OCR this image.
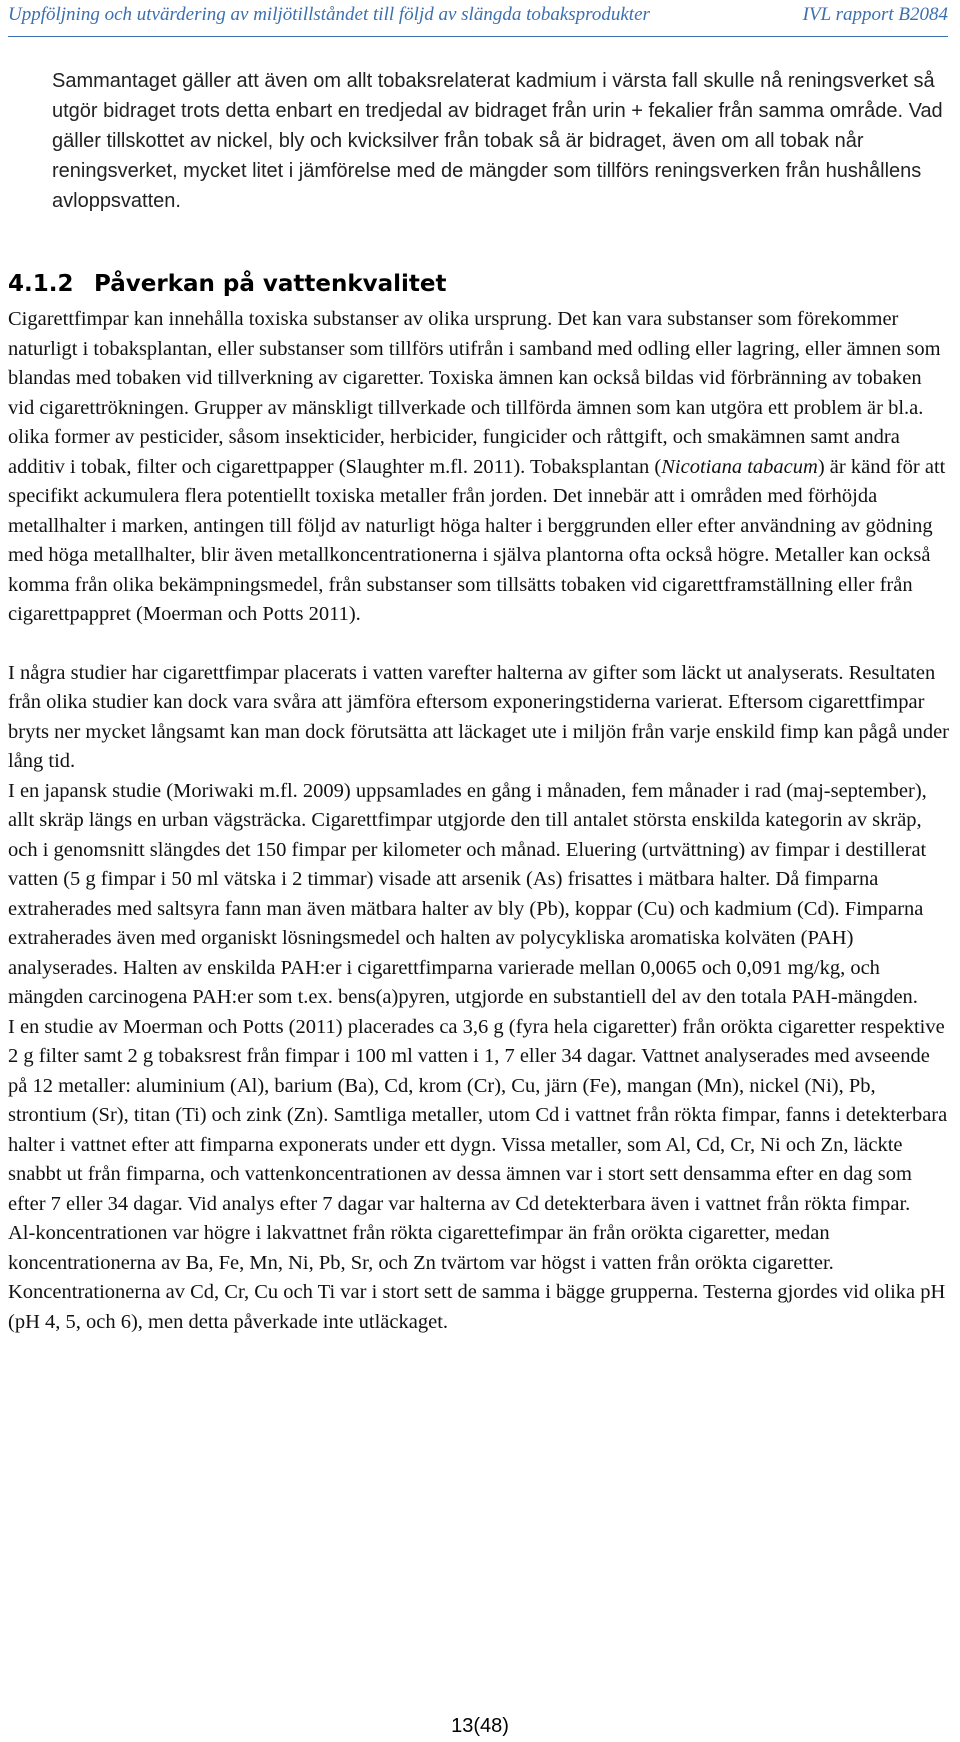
Uppföljning och utvärdering av miljötillståndet till följd av slängda tobaksprodukter	IVL rapport B2084

Sammantaget gäller att även om allt tobaksrelaterat kadmium i värsta fall skulle nå reningsverket så utgör bidraget trots detta enbart en tredjedal av bidraget från urin + fekalier från samma område. Vad gäller tillskottet av nickel, bly och kvicksilver från tobak så är bidraget, även om all tobak når reningsverket, mycket litet i jämförelse med de mängder som tillförs reningsverken från hushållens avloppsvatten.

4.1.2 Påverkan på vattenkvalitet

Cigarettfimpar kan innehålla toxiska substanser av olika ursprung. Det kan vara substanser som förekommer naturligt i tobaksplantan, eller substanser som tillförs utifrån i samband med odling eller lagring, eller ämnen som blandas med tobaken vid tillverkning av cigaretter. Toxiska ämnen kan också bildas vid förbränning av tobaken vid cigarettrökningen. Grupper av mänskligt tillverkade och tillförda ämnen som kan utgöra ett problem är bl.a. olika former av pesticider, såsom insekticider, herbicider, fungicider och råttgift, och smakämnen samt andra additiv i tobak, filter och cigarettpapper (Slaughter m.fl. 2011). Tobaksplantan (Nicotiana tabacum) är känd för att specifikt ackumulera flera potentiellt toxiska metaller från jorden. Det innebär att i områden med förhöjda metallhalter i marken, antingen till följd av naturligt höga halter i berggrunden eller efter användning av gödning med höga metallhalter, blir även metallkoncentrationerna i själva plantorna ofta också högre. Metaller kan också komma från olika bekämpningsmedel, från substanser som tillsätts tobaken vid cigarettframställning eller från cigarettpappret (Moerman och Potts 2011).

I några studier har cigarettfimpar placerats i vatten varefter halterna av gifter som läckt ut analyserats. Resultaten från olika studier kan dock vara svåra att jämföra eftersom exponeringstiderna varierat. Eftersom cigarettfimpar bryts ner mycket långsamt kan man dock förutsätta att läckaget ute i miljön från varje enskild fimp kan pågå under lång tid.

I en japansk studie (Moriwaki m.fl. 2009) uppsamlades en gång i månaden, fem månader i rad (maj-september), allt skräp längs en urban vägsträcka. Cigarettfimpar utgjorde den till antalet största enskilda kategorin av skräp, och i genomsnitt slängdes det 150 fimpar per kilometer och månad. Eluering (urtvättning) av fimpar i destillerat vatten (5 g fimpar i 50 ml vätska i 2 timmar) visade att arsenik (As) frisattes i mätbara halter. Då fimparna extraherades med saltsyra fann man även mätbara halter av bly (Pb), koppar (Cu) och kadmium (Cd). Fimparna extraherades även med organiskt lösningsmedel och halten av polycykliska aromatiska kolväten (PAH) analyserades. Halten av enskilda PAH:er i cigarettfimparna varierade mellan 0,0065 och 0,091 mg/kg, och mängden carcinogena PAH:er som t.ex. bens(a)pyren, utgjorde en substantiell del av den totala PAH-mängden.

I en studie av Moerman och Potts (2011) placerades ca 3,6 g (fyra hela cigaretter) från orökta cigaretter respektive 2 g filter samt 2 g tobaksrest från fimpar i 100 ml vatten i 1, 7 eller 34 dagar. Vattnet analyserades med avseende på 12 metaller: aluminium (Al), barium (Ba), Cd, krom (Cr), Cu, järn (Fe), mangan (Mn), nickel (Ni), Pb, strontium (Sr), titan (Ti) och zink (Zn). Samtliga metaller, utom Cd i vattnet från rökta fimpar, fanns i detekterbara halter i vattnet efter att fimparna exponerats under ett dygn. Vissa metaller, som Al, Cd, Cr, Ni och Zn, läckte snabbt ut från fimparna, och vattenkoncentrationen av dessa ämnen var i stort sett densamma efter en dag som efter 7 eller 34 dagar. Vid analys efter 7 dagar var halterna av Cd detekterbara även i vattnet från rökta fimpar.

Al-koncentrationen var högre i lakvattnet från rökta cigarettefimpar än från orökta cigaretter, medan koncentrationerna av Ba, Fe, Mn, Ni, Pb, Sr, och Zn tvärtom var högst i vatten från orökta cigaretter. Koncentrationerna av Cd, Cr, Cu och Ti var i stort sett de samma i bägge grupperna. Testerna gjordes vid olika pH (pH 4, 5, och 6), men detta påverkade inte utläckaget.

13(48)
